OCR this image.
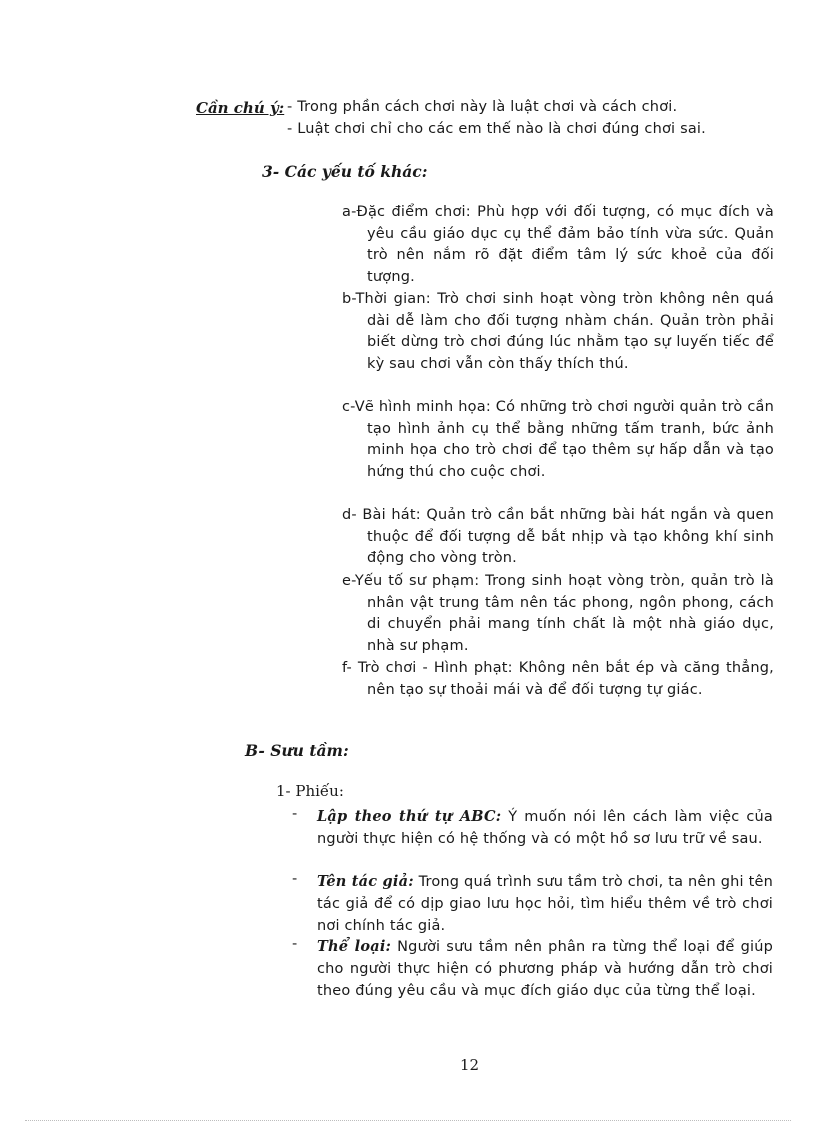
Cần chú ý: - Trong phần cách chơi này là luật chơi và cách chơi.
- Luật chơi chỉ cho các em thế nào là chơi đúng chơi sai.
3- Các yếu tố khác:
a-Đặc điểm chơi: Phù hợp với đối tượng, có mục đích và yêu cầu giáo dục cụ thể đảm bảo tính vừa sức. Quản trò nên nắm rõ đặt điểm tâm lý sức khoẻ của đối tượng.
b-Thời gian: Trò chơi sinh hoạt vòng tròn không nên quá dài dễ làm cho đối tượng nhàm chán. Quản tròn phải biết dừng trò chơi đúng lúc nhằm tạo sự luyến tiếc để kỳ sau chơi vẫn còn thấy thích thú.
c-Vẽ hình minh họa: Có những trò chơi người quản trò cần tạo hình ảnh cụ thể bằng những tấm tranh, bức ảnh minh họa cho trò chơi để tạo thêm sự hấp dẫn và tạo hứng thú cho cuộc chơi.
d- Bài hát: Quản trò cần bắt những bài hát ngắn và quen thuộc để đối tượng dễ bắt nhịp và tạo không khí sinh động cho vòng tròn.
e-Yếu tố sư phạm: Trong sinh hoạt vòng tròn, quản trò là nhân vật trung tâm nên tác phong, ngôn phong, cách di chuyển phải mang tính chất là một nhà giáo dục, nhà sư phạm.
f- Trò chơi - Hình phạt: Không nên bắt ép và căng thẳng, nên tạo sự thoải mái và để đối tượng tự giác.
B- Sưu tầm:
1- Phiếu:
- Lập theo thứ tự ABC: Ý muốn nói lên cách làm việc của người thực hiện có hệ thống và có một hồ sơ lưu trữ về sau.
- Tên tác giả: Trong quá trình sưu tầm trò chơi, ta nên ghi tên tác giả để có dịp giao lưu học hỏi, tìm hiểu thêm về trò chơi nơi chính tác giả.
- Thể loại: Người sưu tầm nên phân ra từng thể loại để giúp cho người thực hiện có phương pháp và hướng dẫn trò chơi theo đúng yêu cầu và mục đích giáo dục của từng thể loại.
12
